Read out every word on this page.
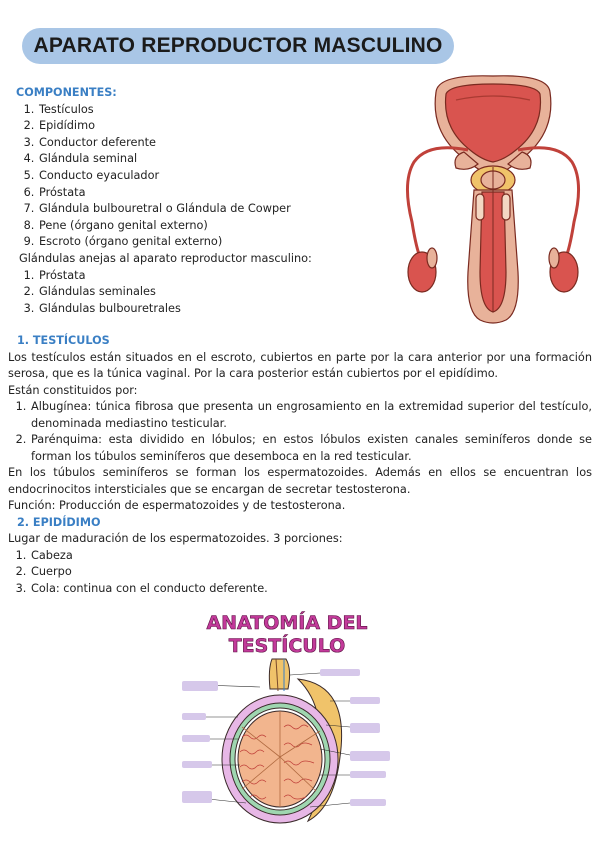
APARATO REPRODUCTOR MASCULINO
COMPONENTES:
1. Testículos
2. Epidídimo
3. Conductor deferente
4. Glándula seminal
5. Conducto eyaculador
6. Próstata
7. Glándula bulbouretral o Glándula de Cowper
8. Pene (órgano genital externo)
9. Escroto (órgano genital externo)
Glándulas anejas al aparato reproductor masculino:
1. Próstata
2. Glándulas seminales
3. Glándulas bulbouretrales
1. TESTÍCULOS

Los testículos están situados en el escroto, cubiertos en parte por la cara anterior por una formación serosa, que es la túnica vaginal. Por la cara posterior están cubiertos por el epidídimo.

Están constituidos por:

1. Albugínea: túnica fibrosa que presenta un engrosamiento en la extremidad superior del testículo, denominada mediastino testicular.
2. Parénquima: esta dividido en lóbulos; en estos lóbulos existen canales seminíferos donde se forman los túbulos seminíferos que desemboca en la red testicular.

En los túbulos seminíferos se forman los espermatozoides. Además en ellos se encuentran los endocrinocitos intersticiales que se encargan de secretar testosterona.

Función: Producción de espermatozoides y de testosterona.

2. EPIDÍDIMO

Lugar de maduración de los espermatozoides. 3 porciones:

1. Cabeza
2. Cuerpo
3. Cola: continua con el conducto deferente.
ANATOMÍA DEL
TESTÍCULO
